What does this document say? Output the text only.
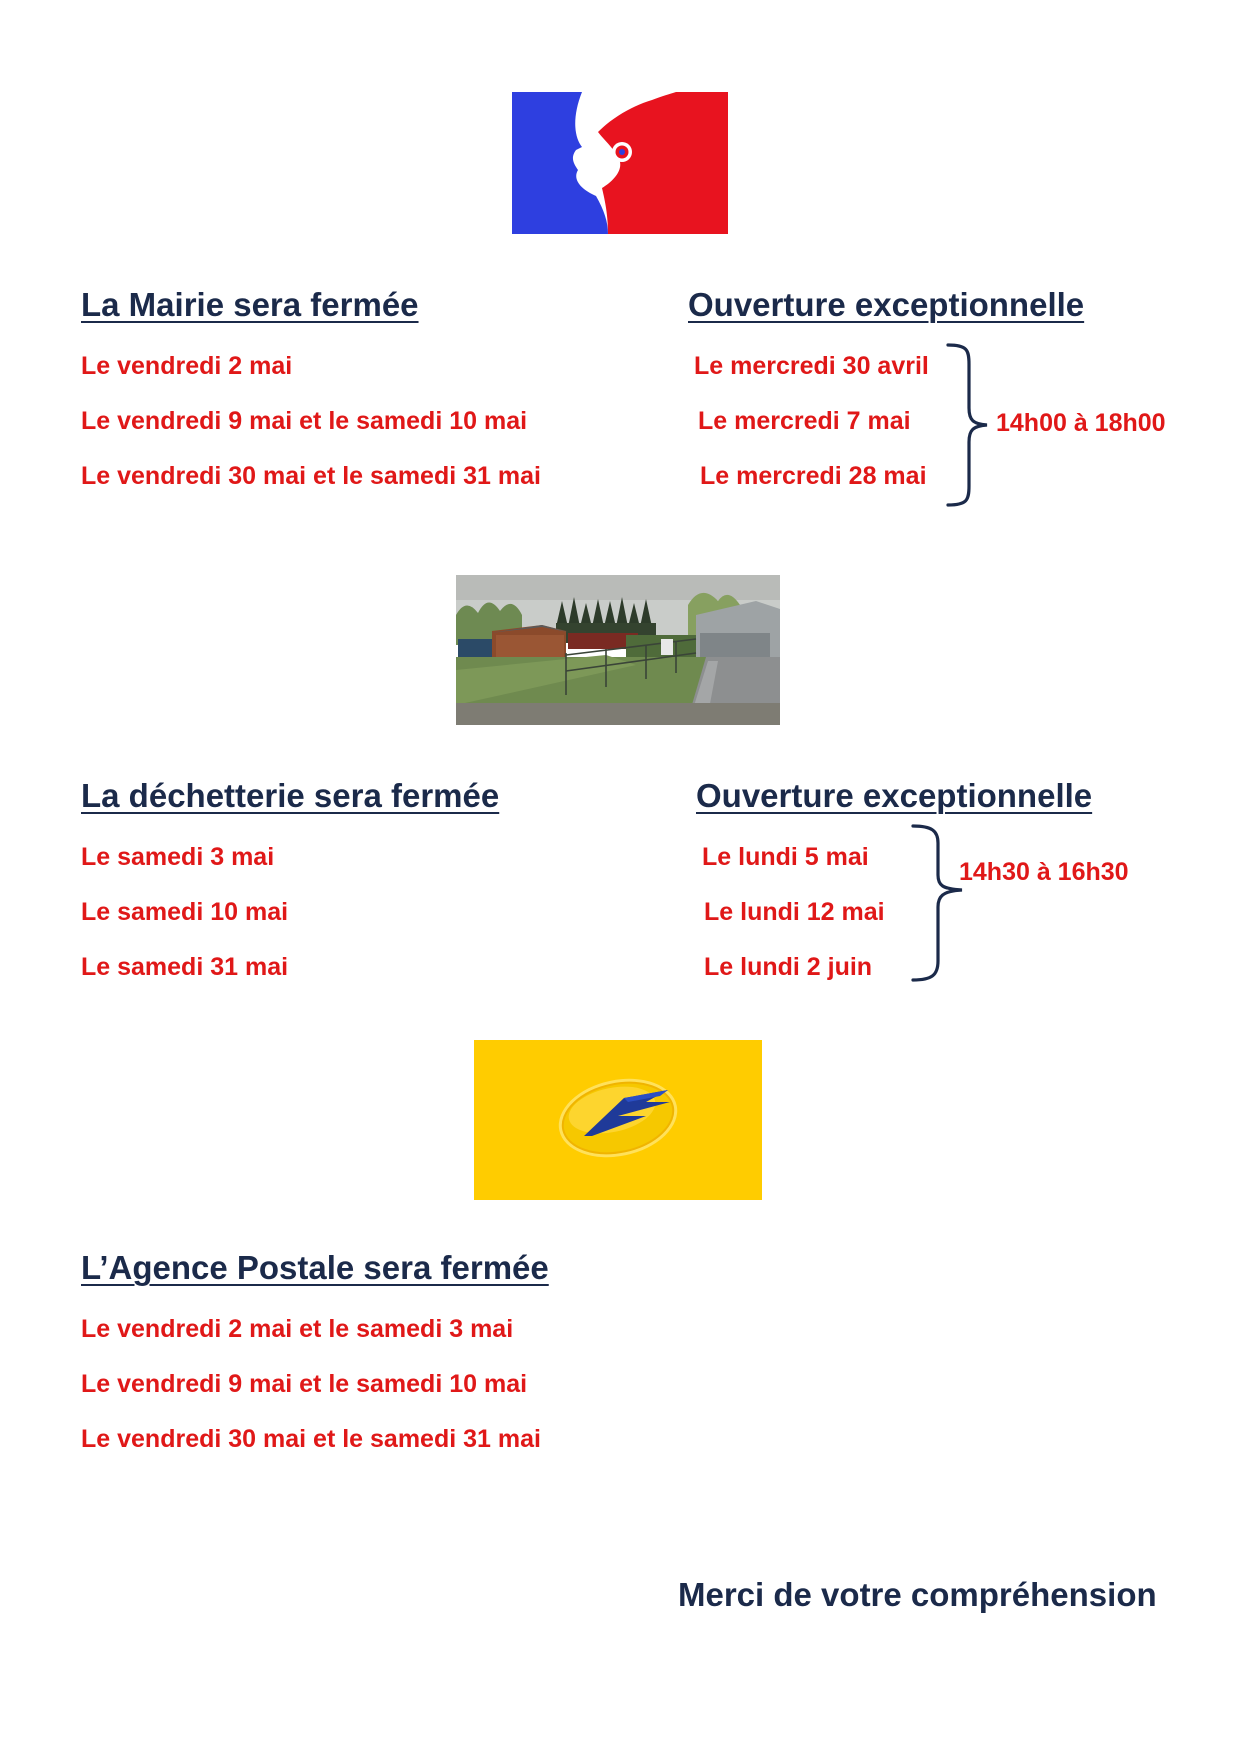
La Mairie sera fermée
Le vendredi 2 mai
Le vendredi 9 mai et le samedi 10 mai
Le vendredi 30 mai et le samedi 31 mai
Ouverture exceptionnelle
Le mercredi 30 avril
Le mercredi 7 mai
Le mercredi 28 mai
14h00 à 18h00
La déchetterie sera fermée
Le samedi 3 mai
Le samedi 10 mai
Le samedi 31 mai
Ouverture exceptionnelle
Le lundi 5 mai
Le lundi 12 mai
Le lundi 2 juin
14h30 à 16h30
L’Agence Postale sera fermée
Le vendredi 2 mai et le samedi 3 mai
Le vendredi 9 mai et le samedi 10 mai
Le vendredi 30 mai et le samedi 31 mai
Merci de votre compréhension
